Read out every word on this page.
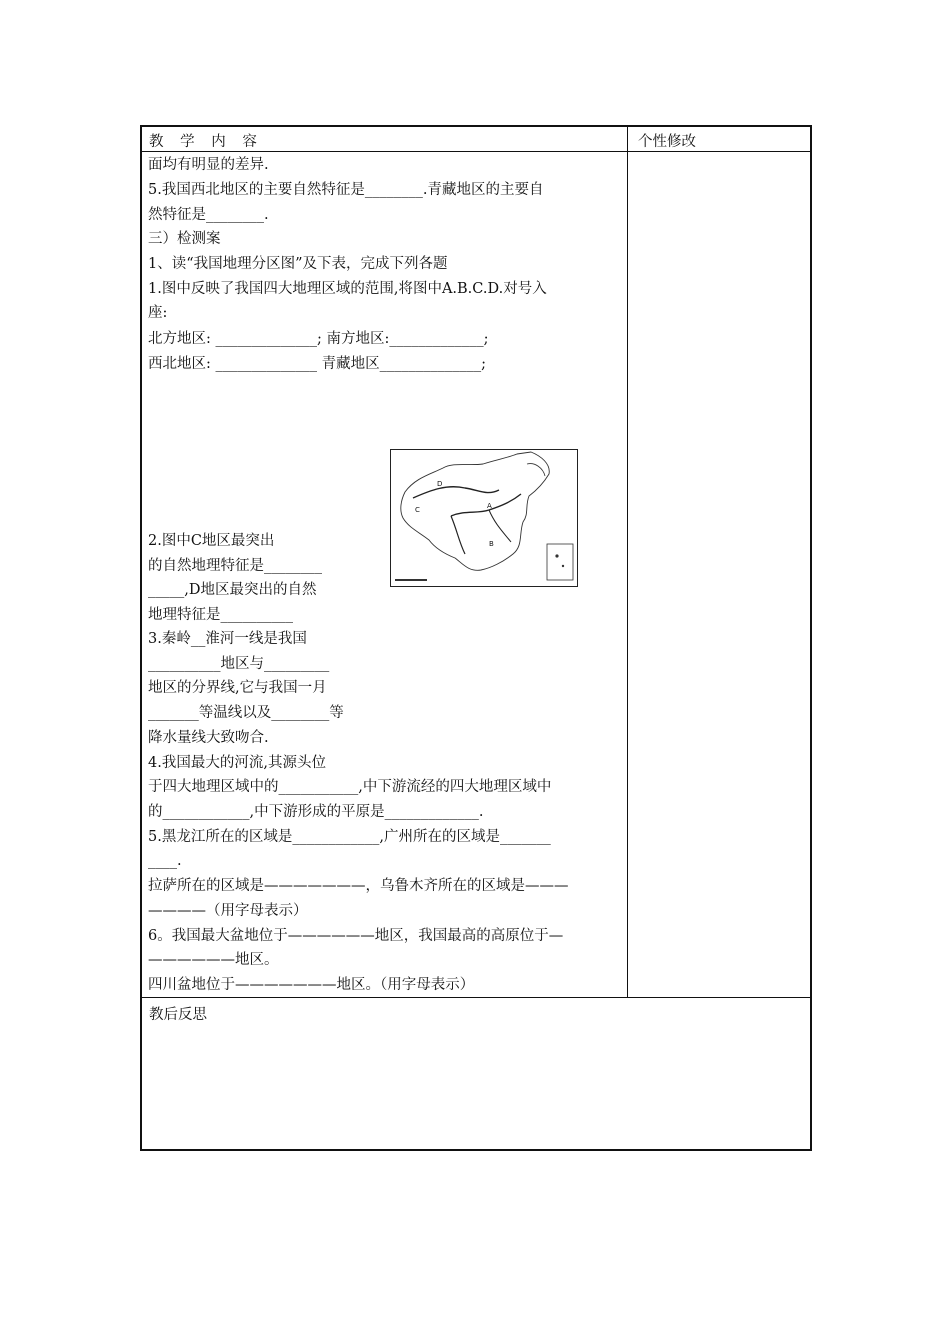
教 学 内 容	个性修改
面均有明显的差异.
5.我国西北地区的主要自然特征是________.青藏地区的主要自
然特征是________.
三）检测案
1、读“我国地理分区图”及下表，完成下列各题
1.图中反映了我国四大地理区域的范围,将图中A.B.C.D.对号入
座:
北方地区: ______________; 南方地区:_____________;
西北地区: ______________ 青藏地区______________;
D
C	A
B
2.图中C地区最突出
的自然地理特征是________
_____,D地区最突出的自然
地理特征是__________
3.秦岭__淮河一线是我国
__________地区与_________
地区的分界线,它与我国一月
_______等温线以及________等
降水量线大致吻合.
4.我国最大的河流,其源头位
于四大地理区域中的___________,中下游流经的四大地理区域中
的____________,中下游形成的平原是_____________.
5.黑龙江所在的区域是____________,广州所在的区域是_______
____.
拉萨所在的区域是———————，乌鲁木齐所在的区域是———
————（用字母表示）
6。我国最大盆地位于——————地区，我国最高的高原位于—
——————地区。
四川盆地位于———————地区。（用字母表示）
教后反思
